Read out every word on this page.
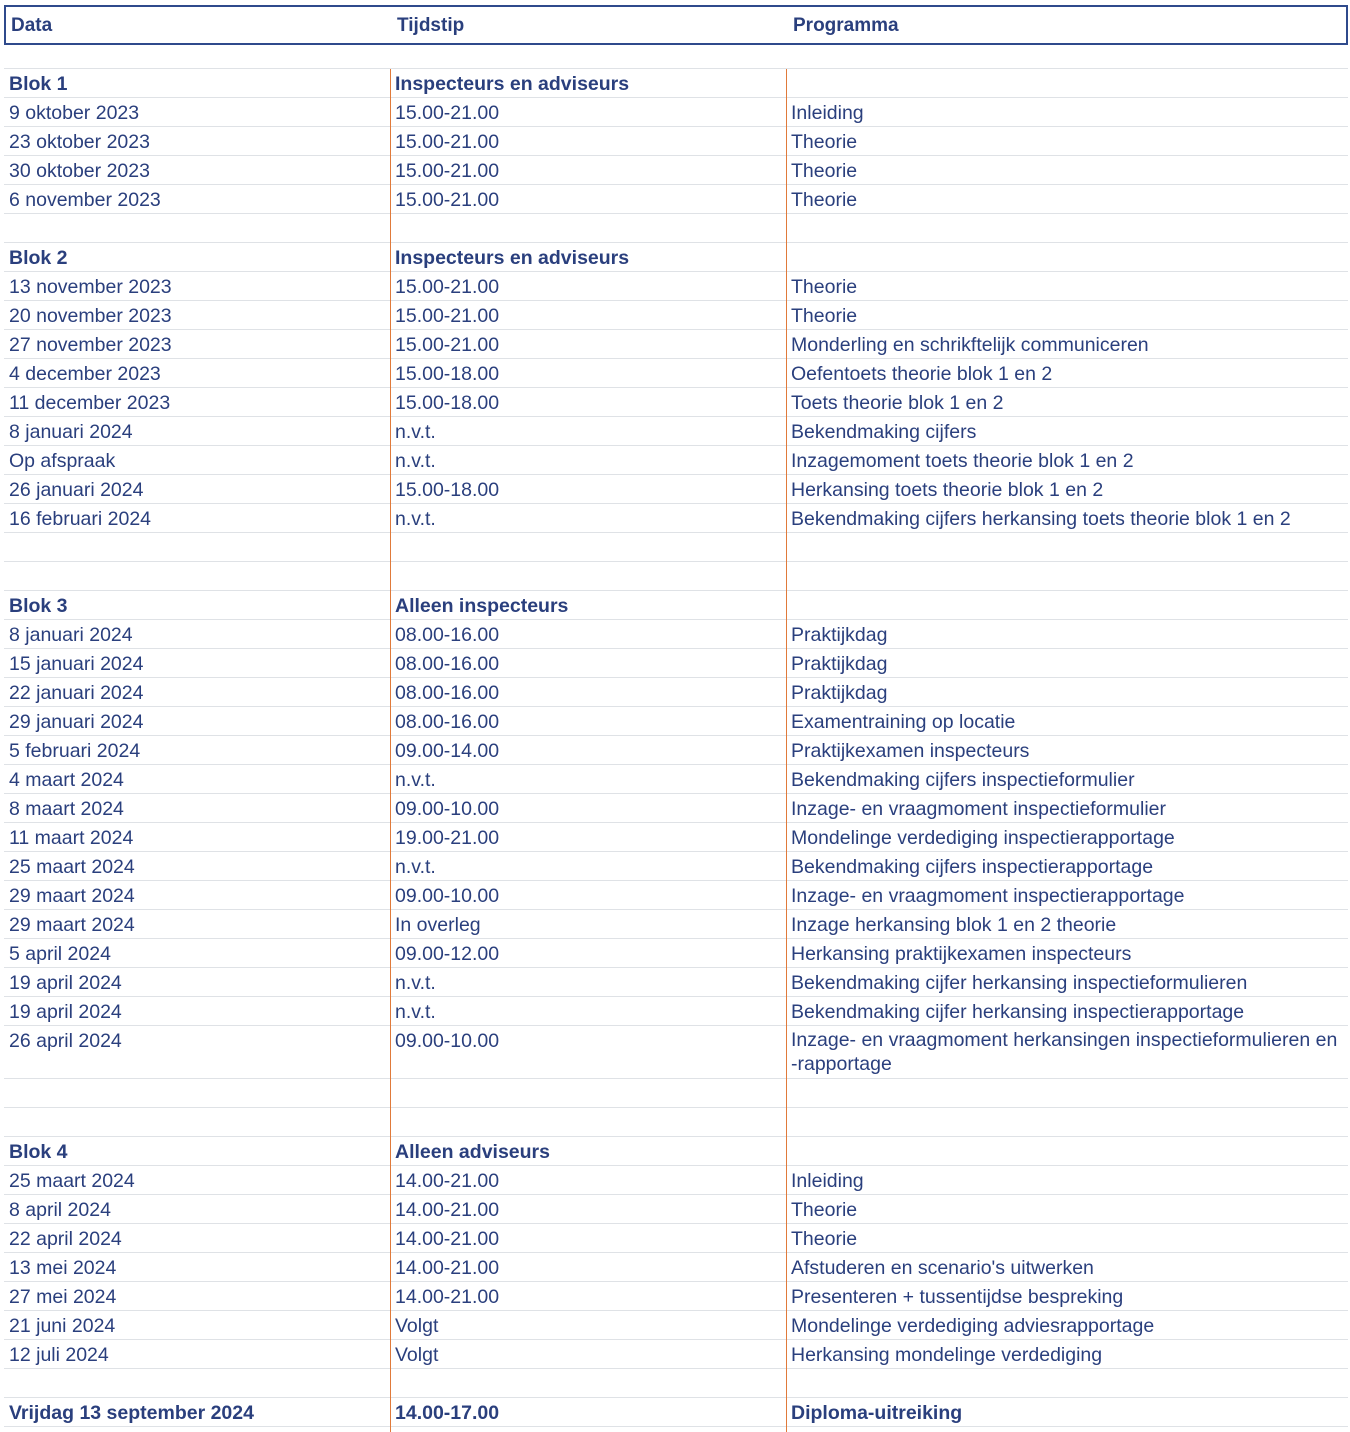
Data	Tijdstip	Programma
Blok 1	Inspecteurs en adviseurs
9 oktober 2023	15.00-21.00	Inleiding
23 oktober 2023	15.00-21.00	Theorie
30 oktober 2023	15.00-21.00	Theorie
6 november 2023	15.00-21.00	Theorie
Blok 2	Inspecteurs en adviseurs
13 november 2023	15.00-21.00	Theorie
20 november 2023	15.00-21.00	Theorie
27 november 2023	15.00-21.00	Monderling en schrikftelijk communiceren
4 december 2023	15.00-18.00	Oefentoets theorie blok 1 en 2
11 december 2023	15.00-18.00	Toets theorie blok 1 en 2
8 januari 2024	n.v.t.	Bekendmaking cijfers
Op afspraak	n.v.t.	Inzagemoment toets theorie blok 1 en 2
26 januari 2024	15.00-18.00	Herkansing toets theorie blok 1 en 2
16 februari 2024	n.v.t.	Bekendmaking cijfers herkansing toets theorie blok 1 en 2
Blok 3	Alleen inspecteurs
8 januari 2024	08.00-16.00	Praktijkdag
15 januari 2024	08.00-16.00	Praktijkdag
22 januari 2024	08.00-16.00	Praktijkdag
29 januari 2024	08.00-16.00	Examentraining op locatie
5 februari 2024	09.00-14.00	Praktijkexamen inspecteurs
4 maart 2024	n.v.t.	Bekendmaking cijfers inspectieformulier
8 maart 2024	09.00-10.00	Inzage- en vraagmoment inspectieformulier
11 maart 2024	19.00-21.00	Mondelinge verdediging inspectierapportage
25 maart 2024	n.v.t.	Bekendmaking cijfers inspectierapportage
29 maart 2024	09.00-10.00	Inzage- en vraagmoment inspectierapportage
29 maart 2024	In overleg	Inzage herkansing blok 1 en 2 theorie
5 april 2024	09.00-12.00	Herkansing praktijkexamen inspecteurs
19 april 2024	n.v.t.	Bekendmaking cijfer herkansing inspectieformulieren
19 april 2024	n.v.t.	Bekendmaking cijfer herkansing inspectierapportage
26 april 2024	09.00-10.00	Inzage- en vraagmoment herkansingen inspectieformulieren en -rapportage
Blok 4	Alleen adviseurs
25 maart 2024	14.00-21.00	Inleiding
8 april 2024	14.00-21.00	Theorie
22 april 2024	14.00-21.00	Theorie
13 mei 2024	14.00-21.00	Afstuderen en scenario's uitwerken
27 mei 2024	14.00-21.00	Presenteren + tussentijdse bespreking
21 juni 2024	Volgt	Mondelinge verdediging adviesrapportage
12 juli 2024	Volgt	Herkansing mondelinge verdediging
Vrijdag 13 september 2024	14.00-17.00	Diploma-uitreiking
